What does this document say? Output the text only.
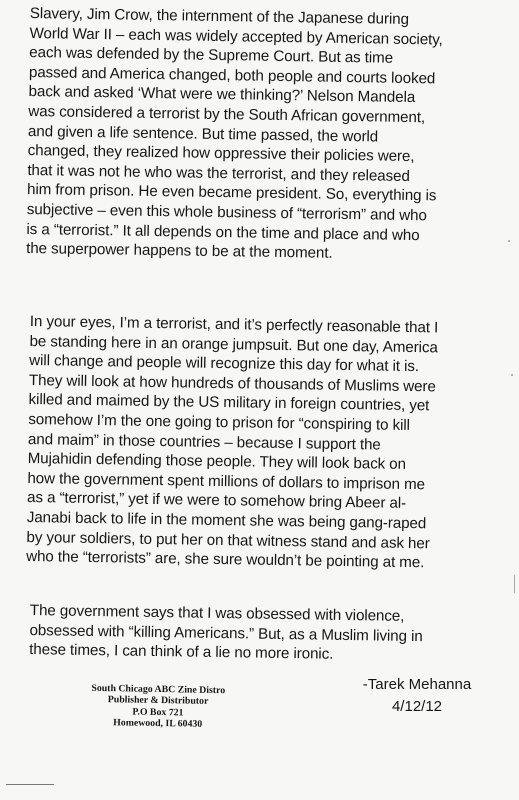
Slavery, Jim Crow, the internment of the Japanese during
World War II – each was widely accepted by American society,
each was defended by the Supreme Court. But as time
passed and America changed, both people and courts looked
back and asked ‘What were we thinking?’ Nelson Mandela
was considered a terrorist by the South African government,
and given a life sentence. But time passed, the world
changed, they realized how oppressive their policies were,
that it was not he who was the terrorist, and they released
him from prison. He even became president. So, everything is
subjective – even this whole business of “terrorism” and who
is a “terrorist.” It all depends on the time and place and who
the superpower happens to be at the moment.
In your eyes, I’m a terrorist, and it’s perfectly reasonable that I
be standing here in an orange jumpsuit. But one day, America
will change and people will recognize this day for what it is.
They will look at how hundreds of thousands of Muslims were
killed and maimed by the US military in foreign countries, yet
somehow I’m the one going to prison for “conspiring to kill
and maim” in those countries – because I support the
Mujahidin defending those people. They will look back on
how the government spent millions of dollars to imprison me
as a “terrorist,” yet if we were to somehow bring Abeer al-
Janabi back to life in the moment she was being gang-raped
by your soldiers, to put her on that witness stand and ask her
who the “terrorists” are, she sure wouldn’t be pointing at me.
The government says that I was obsessed with violence,
obsessed with “killing Americans.” But, as a Muslim living in
these times, I can think of a lie no more ironic.
South Chicago ABC Zine Distro
Publisher & Distributor
P.O Box 721
Homewood, IL 60430
-Tarek Mehanna
4/12/12
